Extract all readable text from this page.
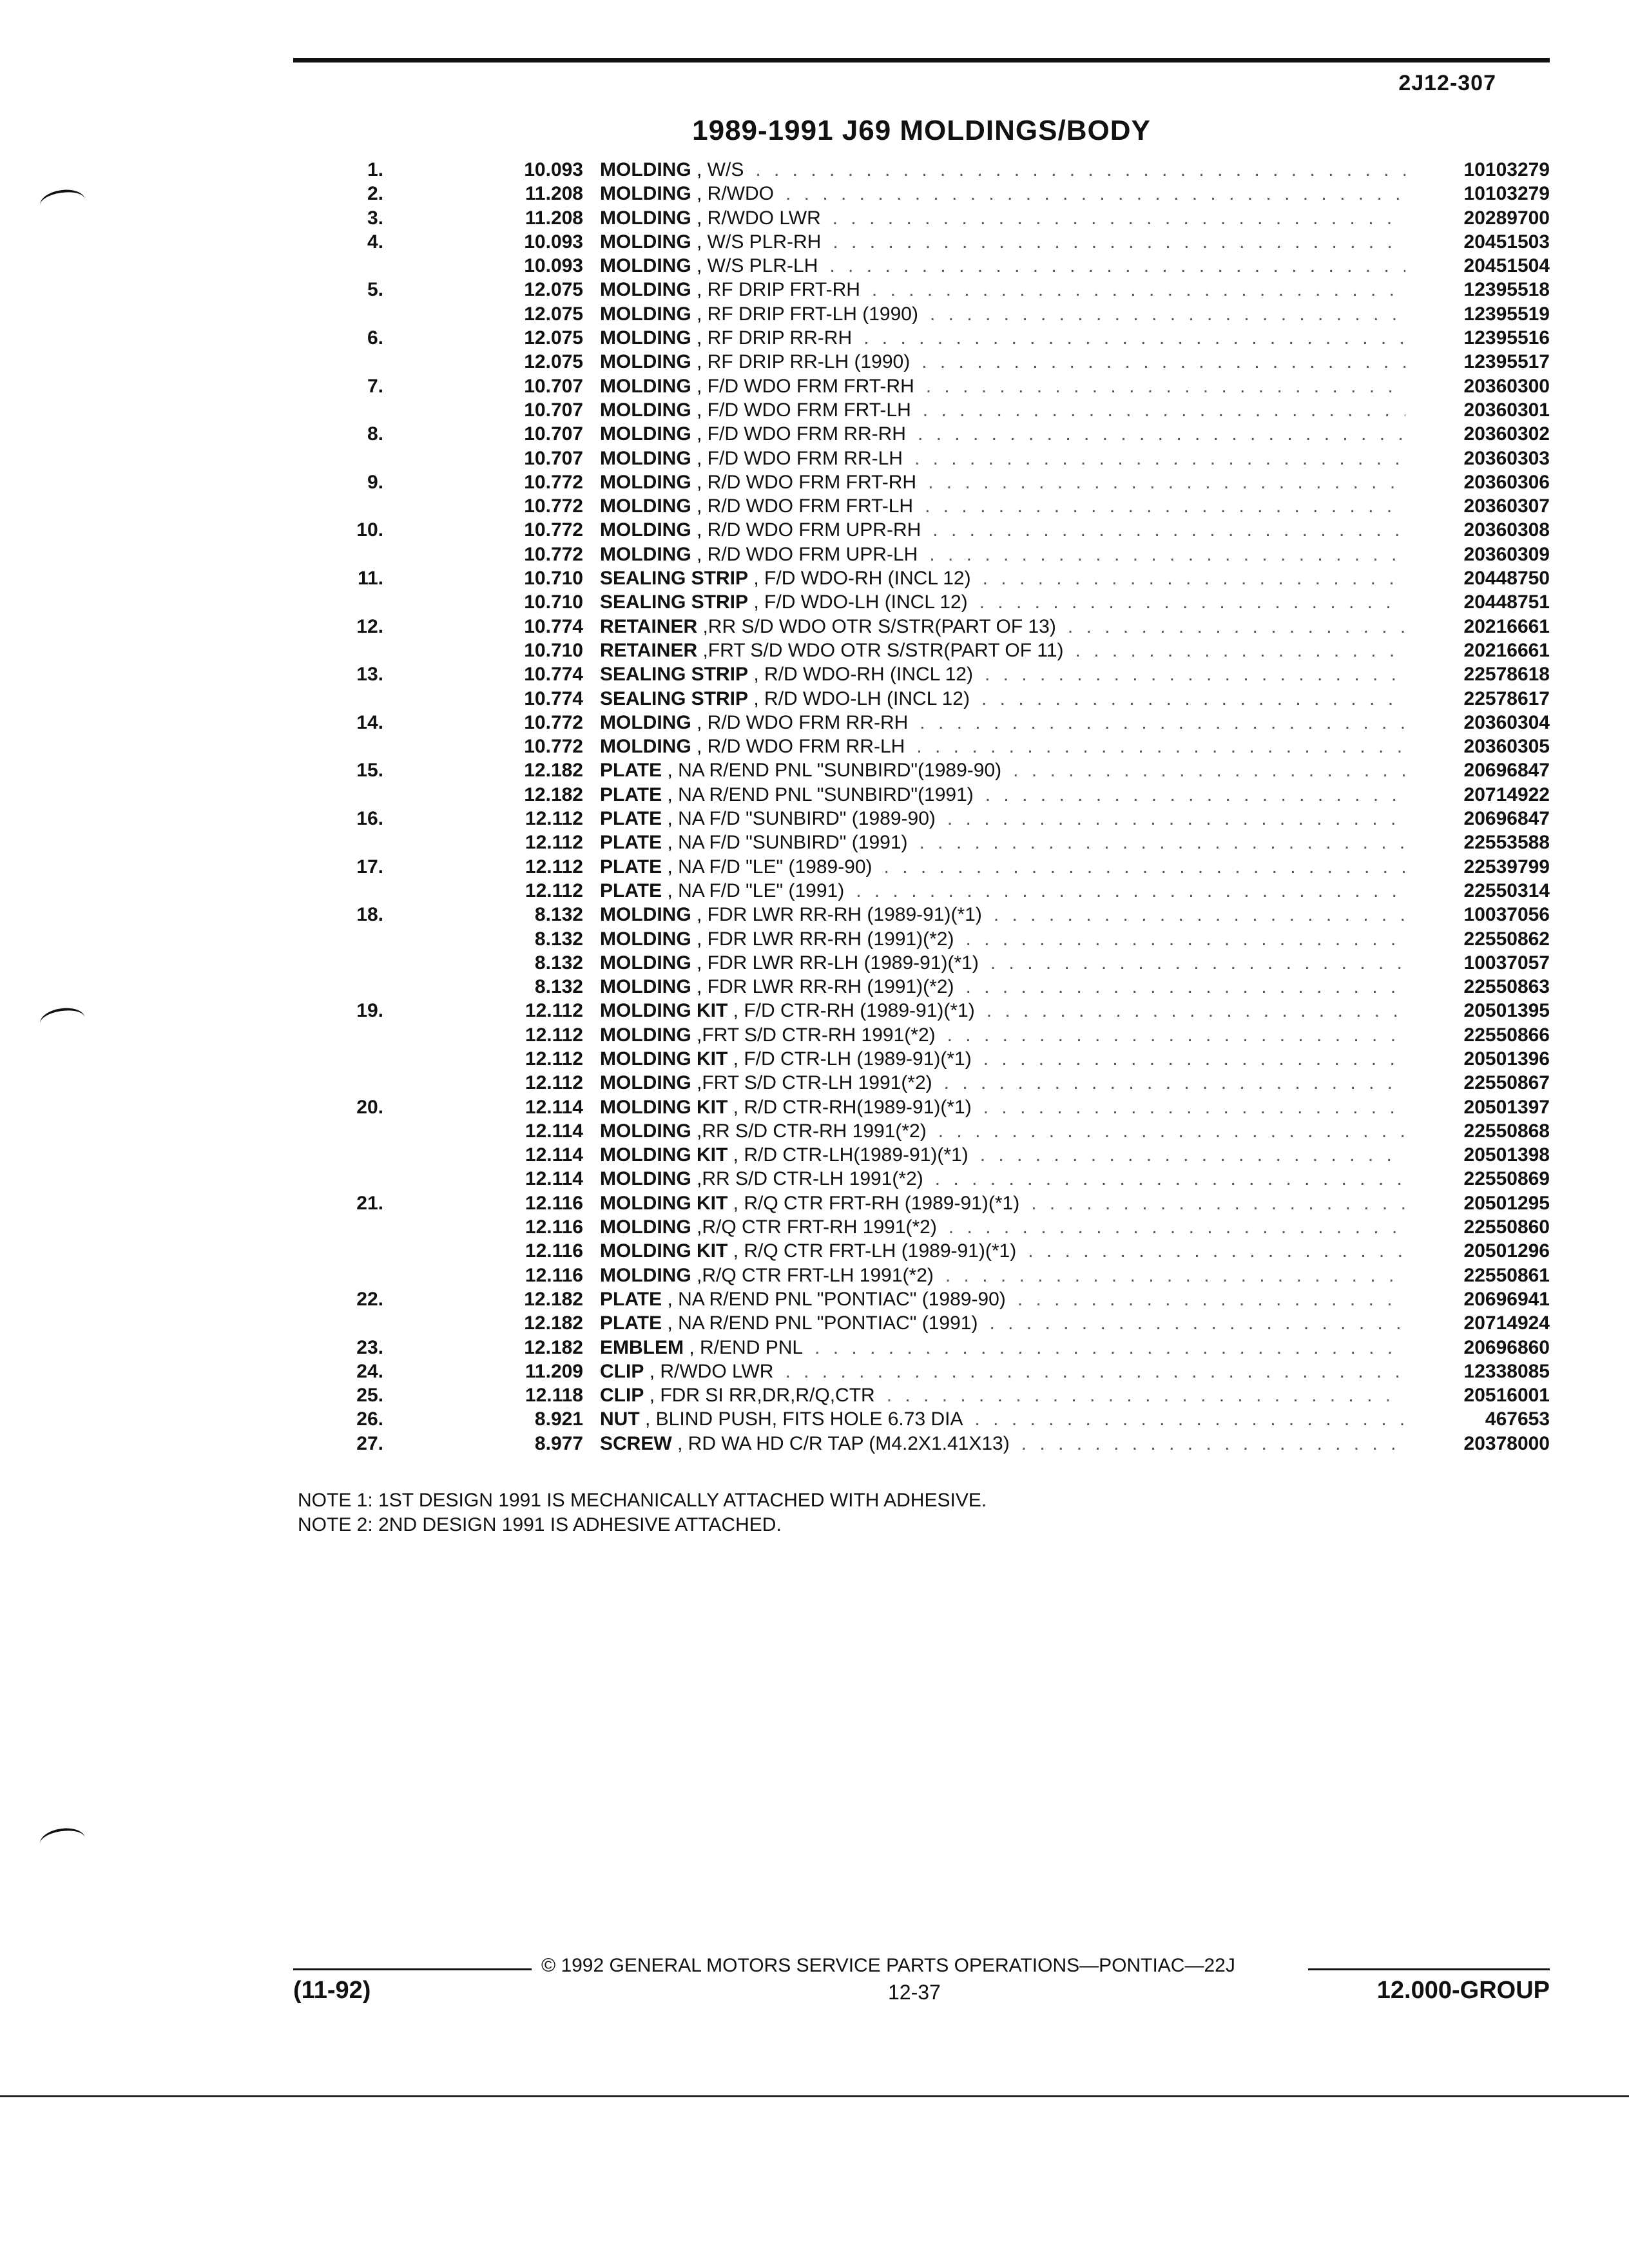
2J12-307
1989-1991 J69 MOLDINGS/BODY
1.	10.093 MOLDING , W/S . . .	10103279
2.	11.208 MOLDING , R/WDO . . .	10103279
3.	11.208 MOLDING , R/WDO LWR . . .	20289700
4.	10.093 MOLDING , W/S PLR-RH . . .	20451503
10.093 MOLDING , W/S PLR-LH . . .	20451504
5.	12.075 MOLDING , RF DRIP FRT-RH . . .	12395518
12.075 MOLDING , RF DRIP FRT-LH (1990) . . .	12395519
6.	12.075 MOLDING , RF DRIP RR-RH . . .	12395516
12.075 MOLDING , RF DRIP RR-LH (1990) . . .	12395517
7.	10.707 MOLDING , F/D WDO FRM FRT-RH . . .	20360300
10.707 MOLDING , F/D WDO FRM FRT-LH . . .	20360301
8.	10.707 MOLDING , F/D WDO FRM RR-RH . . .	20360302
10.707 MOLDING , F/D WDO FRM RR-LH . . .	20360303
9.	10.772 MOLDING , R/D WDO FRM FRT-RH . . .	20360306
10.772 MOLDING , R/D WDO FRM FRT-LH . . .	20360307
10.	10.772 MOLDING , R/D WDO FRM UPR-RH . . .	20360308
10.772 MOLDING , R/D WDO FRM UPR-LH . . .	20360309
11.	10.710 SEALING STRIP , F/D WDO-RH (INCL 12) . . .	20448750
10.710 SEALING STRIP , F/D WDO-LH (INCL 12) . . .	20448751
12.	10.774 RETAINER ,RR S/D WDO OTR S/STR(PART OF 13) . . .	20216661
10.710 RETAINER ,FRT S/D WDO OTR S/STR(PART OF 11) . . .	20216661
13.	10.774 SEALING STRIP , R/D WDO-RH (INCL 12) . . .	22578618
10.774 SEALING STRIP , R/D WDO-LH (INCL 12) . . .	22578617
14.	10.772 MOLDING , R/D WDO FRM RR-RH . . .	20360304
10.772 MOLDING , R/D WDO FRM RR-LH . . .	20360305
15.	12.182 PLATE , NA R/END PNL "SUNBIRD"(1989-90) . . .	20696847
12.182 PLATE , NA R/END PNL "SUNBIRD"(1991) . . .	20714922
16.	12.112 PLATE , NA F/D "SUNBIRD" (1989-90) . . .	20696847
12.112 PLATE , NA F/D "SUNBIRD" (1991) . . .	22553588
17.	12.112 PLATE , NA F/D "LE" (1989-90) . . .	22539799
12.112 PLATE , NA F/D "LE" (1991) . . .	22550314
18.	8.132 MOLDING , FDR LWR RR-RH (1989-91)(*1) . . .	10037056
8.132 MOLDING , FDR LWR RR-RH (1991)(*2) . . .	22550862
8.132 MOLDING , FDR LWR RR-LH (1989-91)(*1) . . .	10037057
8.132 MOLDING , FDR LWR RR-RH (1991)(*2) . . .	22550863
19.	12.112 MOLDING KIT , F/D CTR-RH (1989-91)(*1) . . .	20501395
12.112 MOLDING ,FRT S/D CTR-RH 1991(*2) . . .	22550866
12.112 MOLDING KIT , F/D CTR-LH (1989-91)(*1) . . .	20501396
12.112 MOLDING ,FRT S/D CTR-LH 1991(*2) . . .	22550867
20.	12.114 MOLDING KIT , R/D CTR-RH(1989-91)(*1) . . .	20501397
12.114 MOLDING ,RR S/D CTR-RH 1991(*2) . . .	22550868
12.114 MOLDING KIT , R/D CTR-LH(1989-91)(*1) . . .	20501398
12.114 MOLDING ,RR S/D CTR-LH 1991(*2) . . .	22550869
21.	12.116 MOLDING KIT , R/Q CTR FRT-RH (1989-91)(*1) . . .	20501295
12.116 MOLDING ,R/Q CTR FRT-RH 1991(*2) . . .	22550860
12.116 MOLDING KIT , R/Q CTR FRT-LH (1989-91)(*1) . . .	20501296
12.116 MOLDING ,R/Q CTR FRT-LH 1991(*2) . . .	22550861
22.	12.182 PLATE , NA R/END PNL "PONTIAC" (1989-90) . . .	20696941
12.182 PLATE , NA R/END PNL "PONTIAC" (1991) . . .	20714924
23.	12.182 EMBLEM , R/END PNL . . .	20696860
24.	11.209 CLIP , R/WDO LWR . . .	12338085
25.	12.118 CLIP , FDR SI RR,DR,R/Q,CTR . . .	20516001
26.	8.921 NUT , BLIND PUSH, FITS HOLE 6.73 DIA . . .	467653
27.	8.977 SCREW , RD WA HD C/R TAP (M4.2X1.41X13) . . .	20378000
NOTE 1: 1ST DESIGN 1991 IS MECHANICALLY ATTACHED WITH ADHESIVE.
NOTE 2: 2ND DESIGN 1991 IS ADHESIVE ATTACHED.
© 1992 GENERAL MOTORS SERVICE PARTS OPERATIONS—PONTIAC—22J
(11-92)	12-37	12.000-GROUP
